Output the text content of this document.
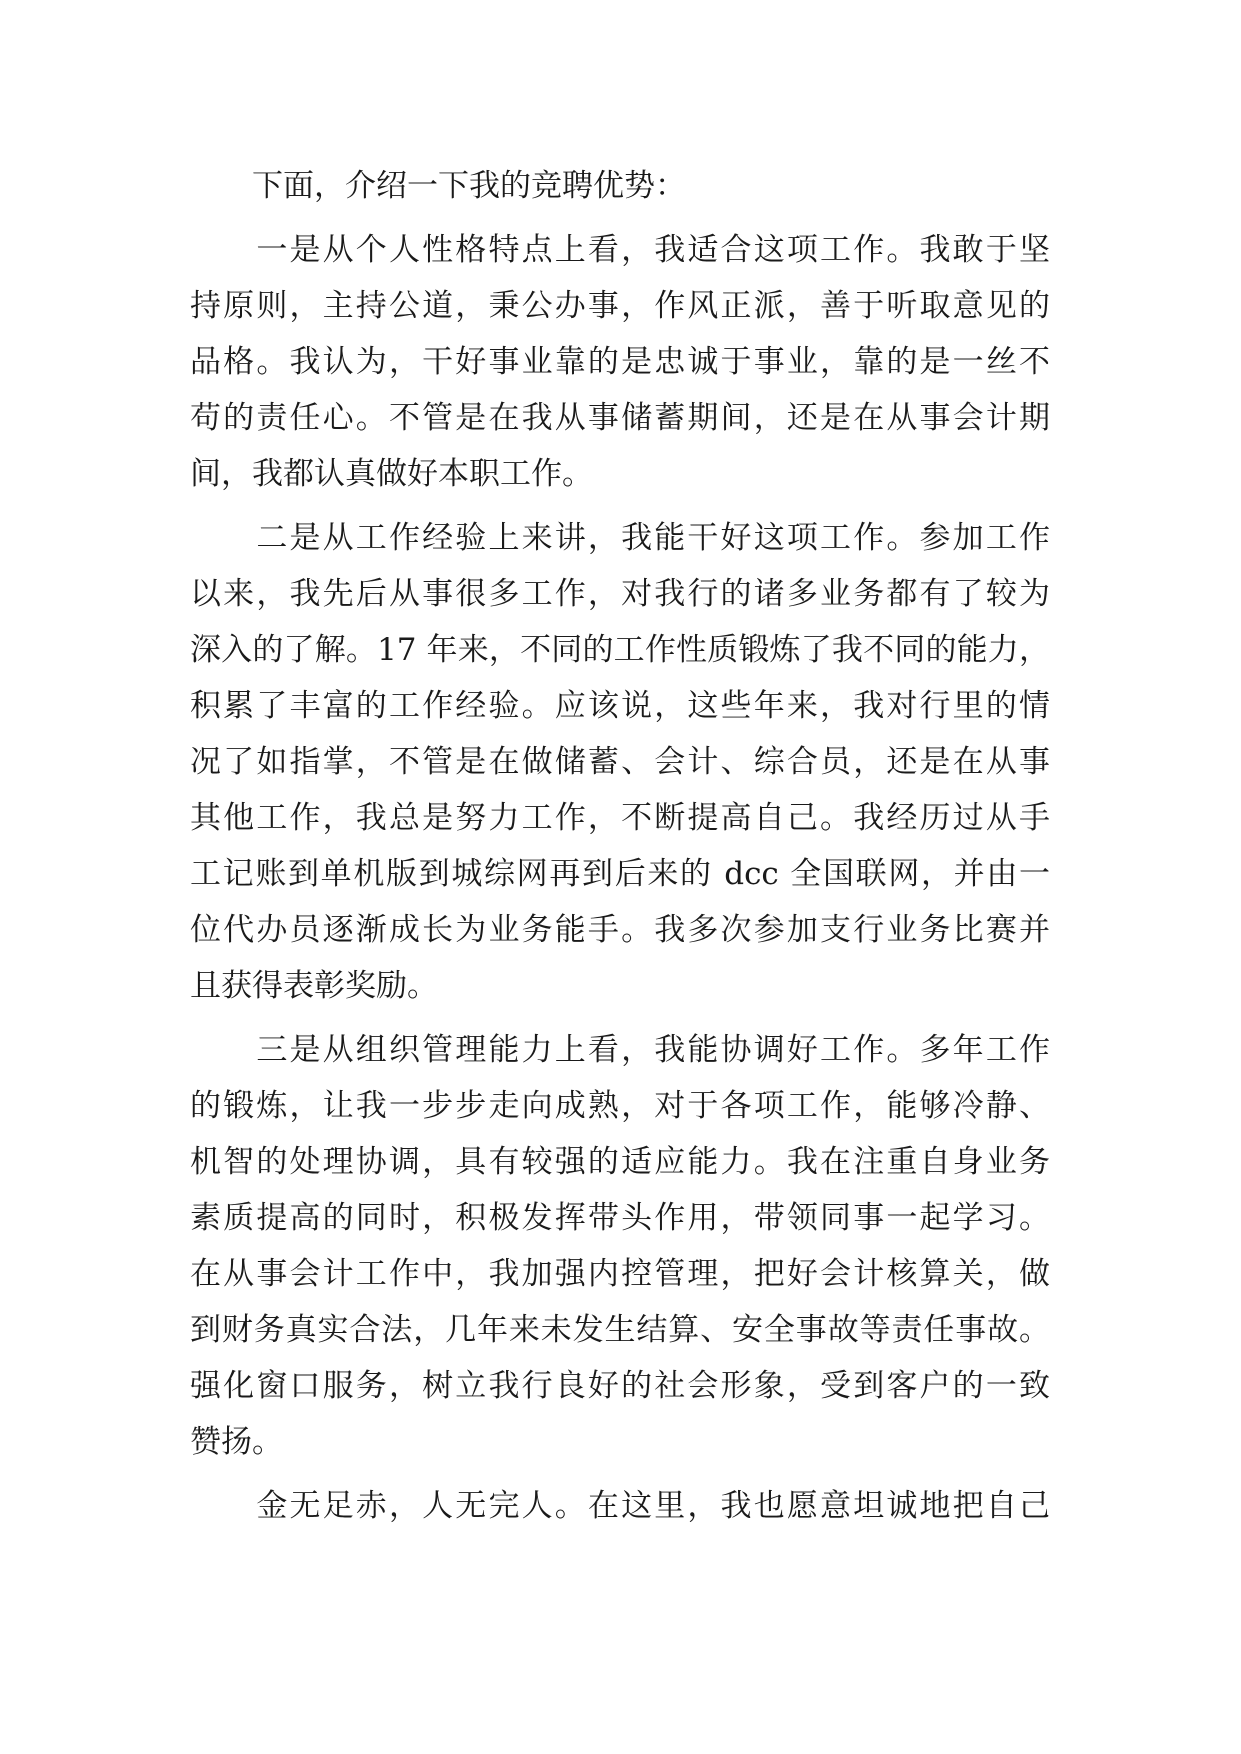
　　下面，介绍一下我的竞聘优势：
　　一是从个人性格特点上看，我适合这项工作。我敢于坚
持原则，主持公道，秉公办事，作风正派，善于听取意见的
品格。我认为，干好事业靠的是忠诚于事业，靠的是一丝不
苟的责任心。不管是在我从事储蓄期间，还是在从事会计期
间，我都认真做好本职工作。
　　二是从工作经验上来讲，我能干好这项工作。参加工作
以来，我先后从事很多工作，对我行的诸多业务都有了较为
深入的了解。17 年来，不同的工作性质锻炼了我不同的能力，
积累了丰富的工作经验。应该说，这些年来，我对行里的情
况了如指掌，不管是在做储蓄、会计、综合员，还是在从事
其他工作，我总是努力工作，不断提高自己。我经历过从手
工记账到单机版到城综网再到后来的 dcc 全国联网，并由一
位代办员逐渐成长为业务能手。我多次参加支行业务比赛并
且获得表彰奖励。
　　三是从组织管理能力上看，我能协调好工作。多年工作
的锻炼，让我一步步走向成熟，对于各项工作，能够冷静、
机智的处理协调，具有较强的适应能力。我在注重自身业务
素质提高的同时，积极发挥带头作用，带领同事一起学习。
在从事会计工作中，我加强内控管理，把好会计核算关，做
到财务真实合法，几年来未发生结算、安全事故等责任事故。
强化窗口服务，树立我行良好的社会形象，受到客户的一致
赞扬。
　　金无足赤，人无完人。在这里，我也愿意坦诚地把自己
